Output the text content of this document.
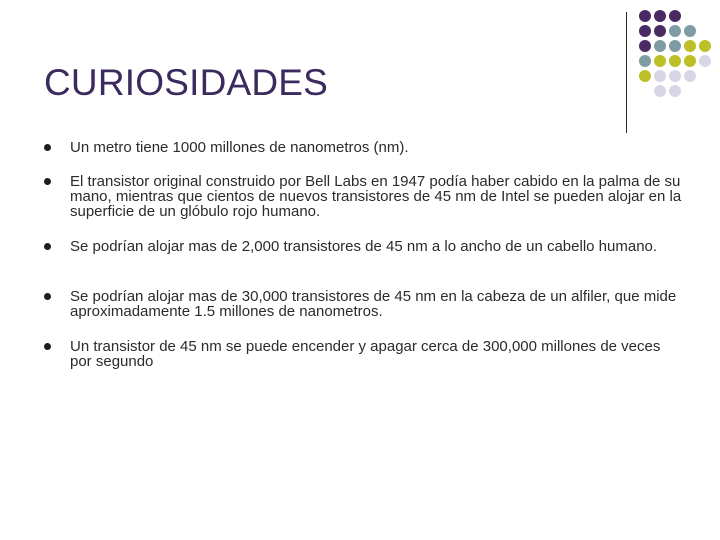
CURIOSIDADES
Un metro tiene 1000 millones de nanometros (nm).
El transistor original construido por Bell Labs en 1947 podía haber cabido en la palma de su mano, mientras que cientos de nuevos transistores de 45 nm de Intel se pueden alojar en la superficie de un glóbulo rojo humano.
Se podrían alojar mas de 2,000 transistores de 45 nm a lo ancho de un cabello humano.
Se podrían alojar mas de 30,000 transistores de 45 nm en la cabeza de un alfiler, que mide aproximadamente 1.5 millones de nanometros.
Un transistor de 45 nm se puede encender y apagar cerca de 300,000 millones de veces por segundo
